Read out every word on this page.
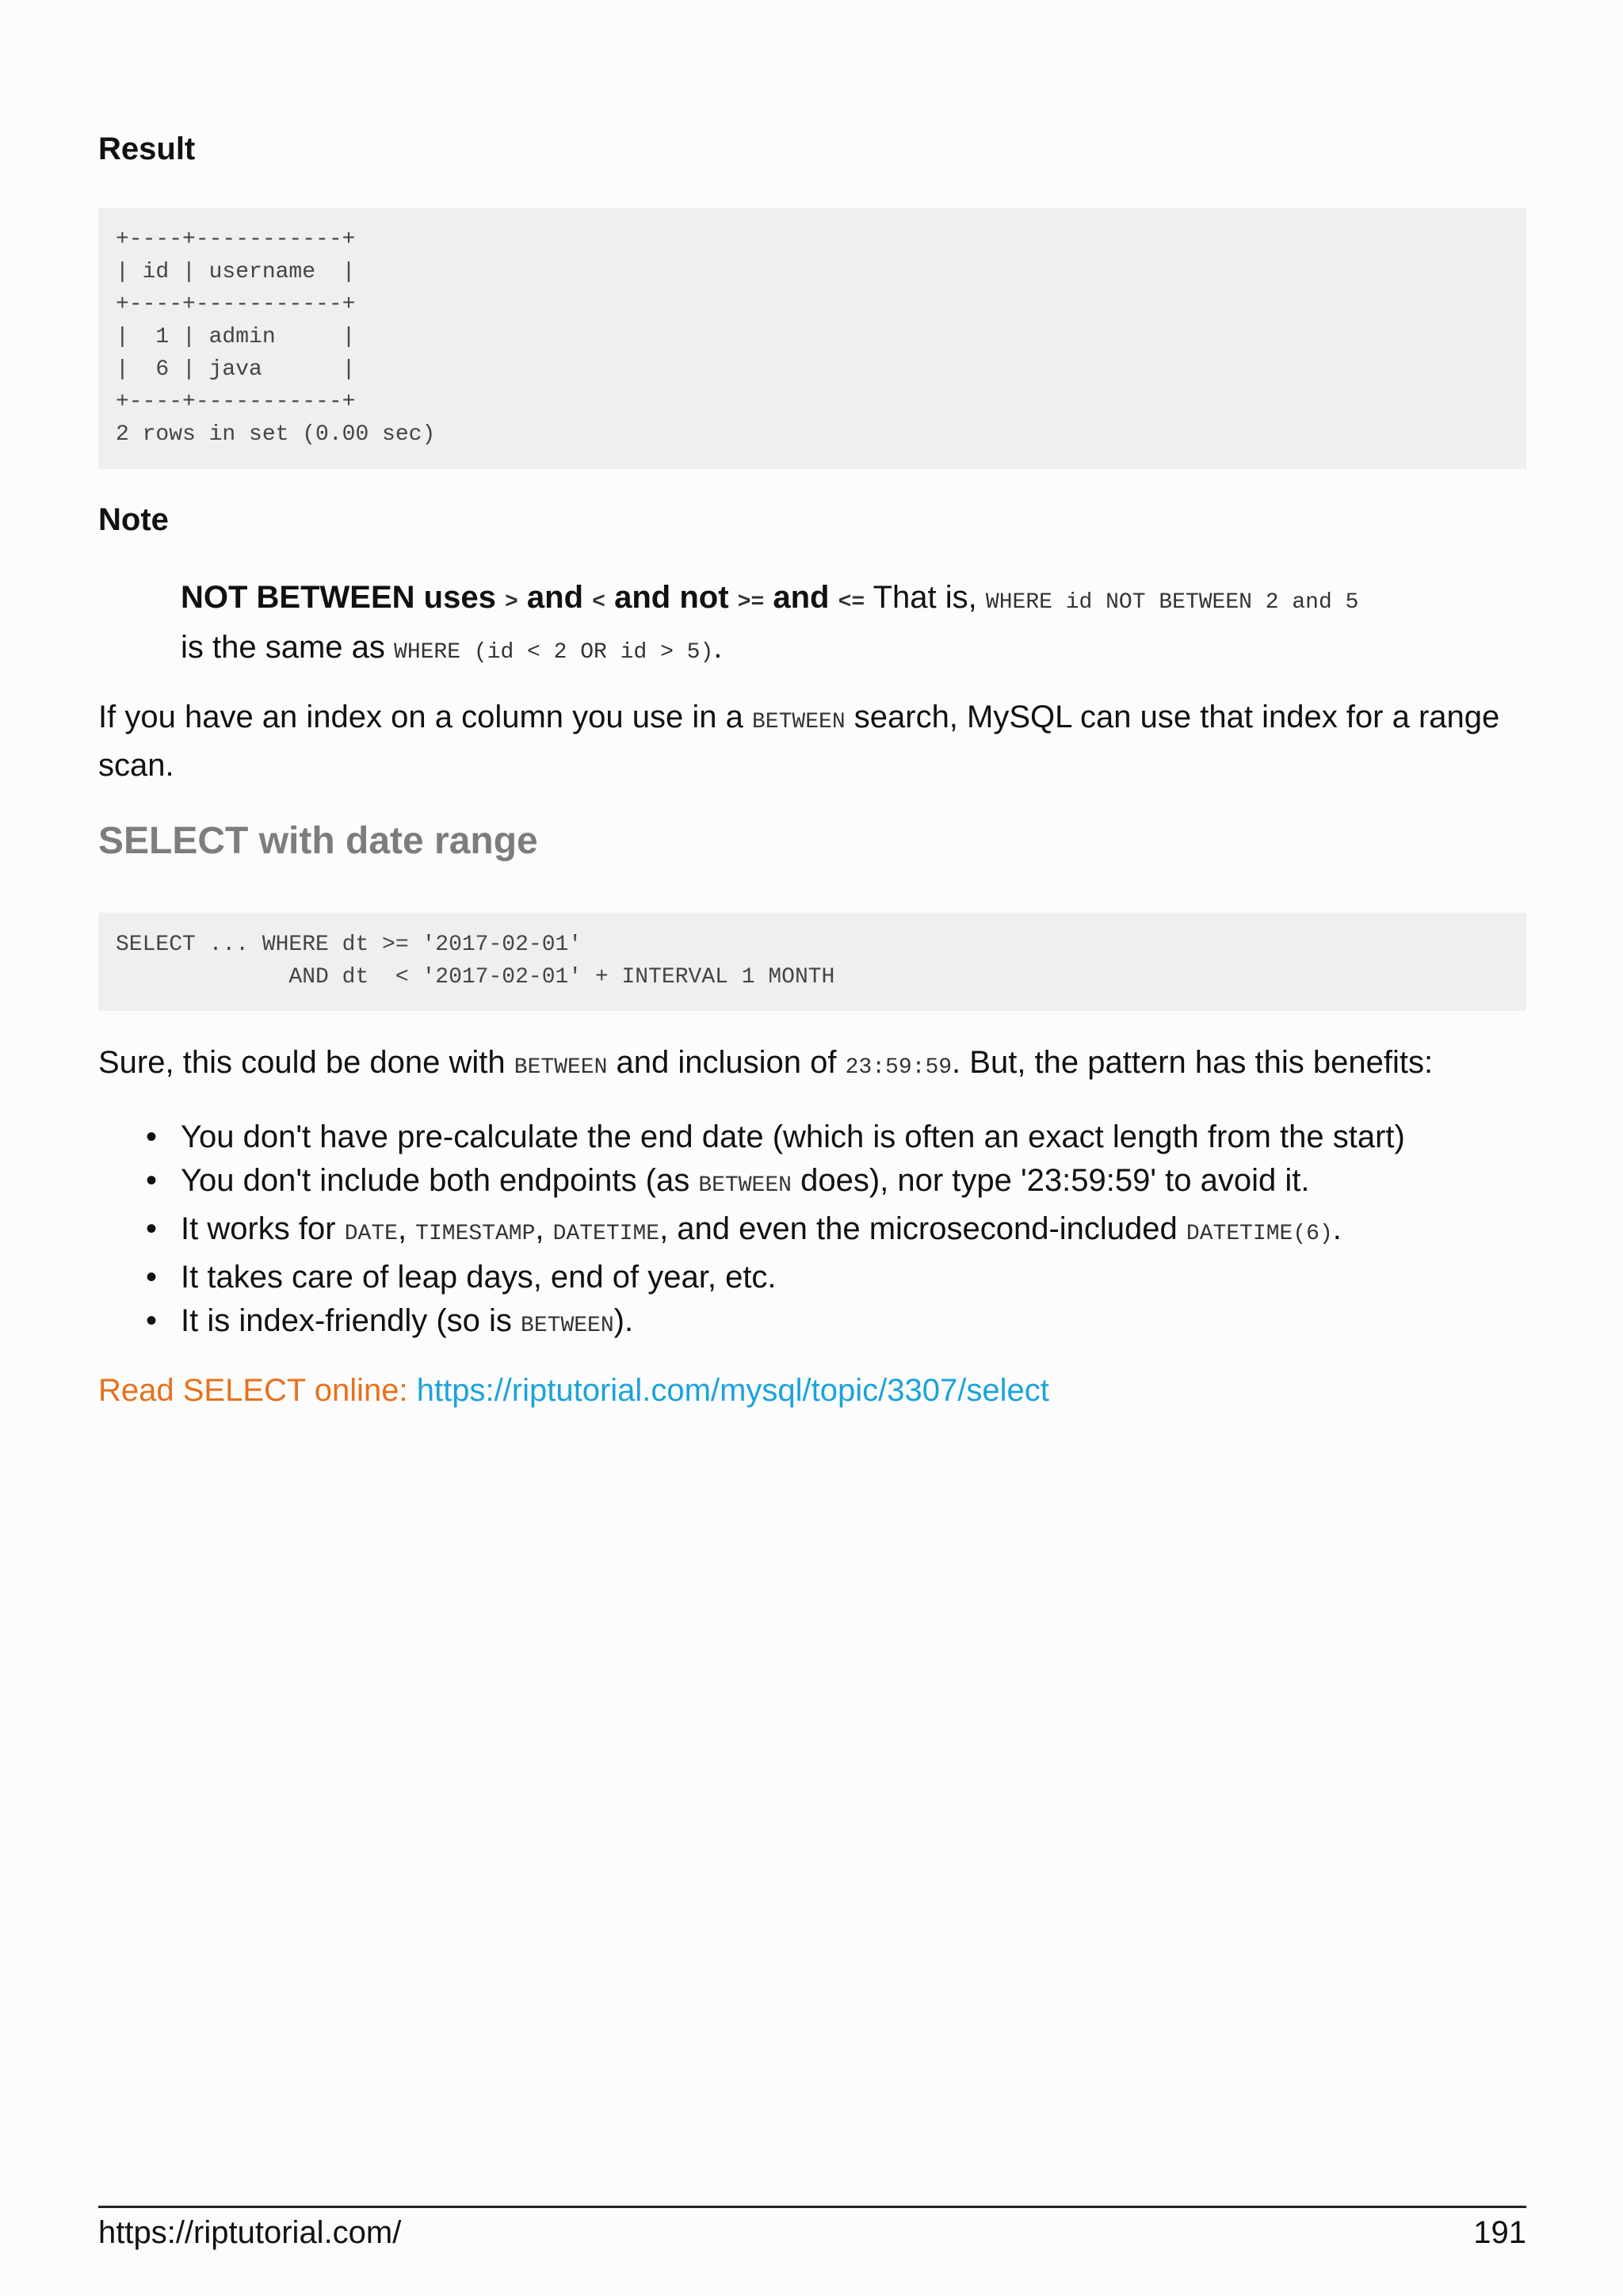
Result
+----+-----------+
| id | username  |
+----+-----------+
|  1 | admin     |
|  6 | java      |
+----+-----------+
2 rows in set (0.00 sec)
Note
NOT BETWEEN uses > and < and not >= and <= That is, WHERE id NOT BETWEEN 2 and 5
is the same as WHERE (id < 2 OR id > 5).

If you have an index on a column you use in a BETWEEN search, MySQL can use that index for a range scan.

SELECT with date range
SELECT ... WHERE dt >= '2017-02-01'
AND dt  < '2017-02-01' + INTERVAL 1 MONTH

Sure, this could be done with BETWEEN and inclusion of 23:59:59. But, the pattern has this benefits:

• You don't have pre-calculate the end date (which is often an exact length from the start)
• You don't include both endpoints (as BETWEEN does), nor type '23:59:59' to avoid it.
• It works for DATE, TIMESTAMP, DATETIME, and even the microsecond-included DATETIME(6).
• It takes care of leap days, end of year, etc.
• It is index-friendly (so is BETWEEN).
Read SELECT online: https://riptutorial.com/mysql/topic/3307/select
https://riptutorial.com/	191
